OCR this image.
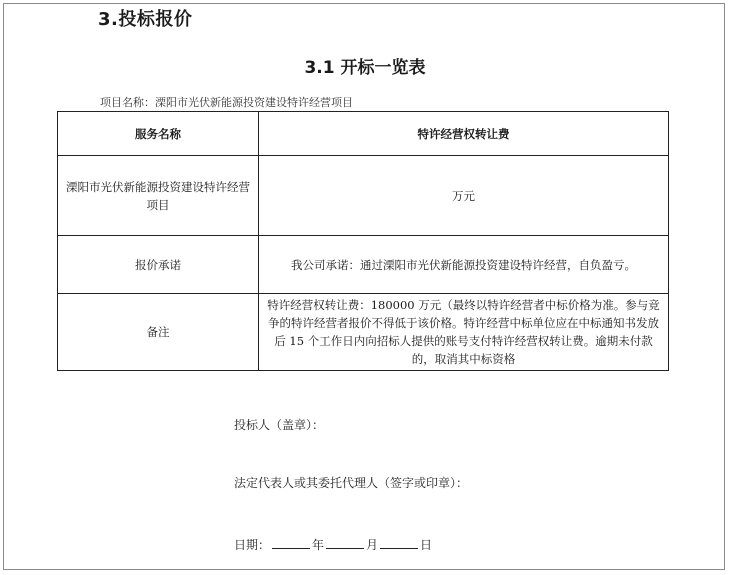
3.投标报价
3.1 开标一览表
项目名称：溧阳市光伏新能源投资建设特许经营项目
服务名称	特许经营权转让费
溧阳市光伏新能源投资建设特许经营项目	万元
报价承诺	我公司承诺：通过溧阳市光伏新能源投资建设特许经营，自负盈亏。
备注	特许经营权转让费：180000 万元（最终以特许经营者中标价格为准。参与竞争的特许经营者报价不得低于该价格。特许经营中标单位应在中标通知书发放后 15 个工作日内向招标人提供的账号支付特许经营权转让费。逾期未付款的，取消其中标资格
投标人（盖章）：
法定代表人或其委托代理人（签字或印章）：
日期：	年	月	日
